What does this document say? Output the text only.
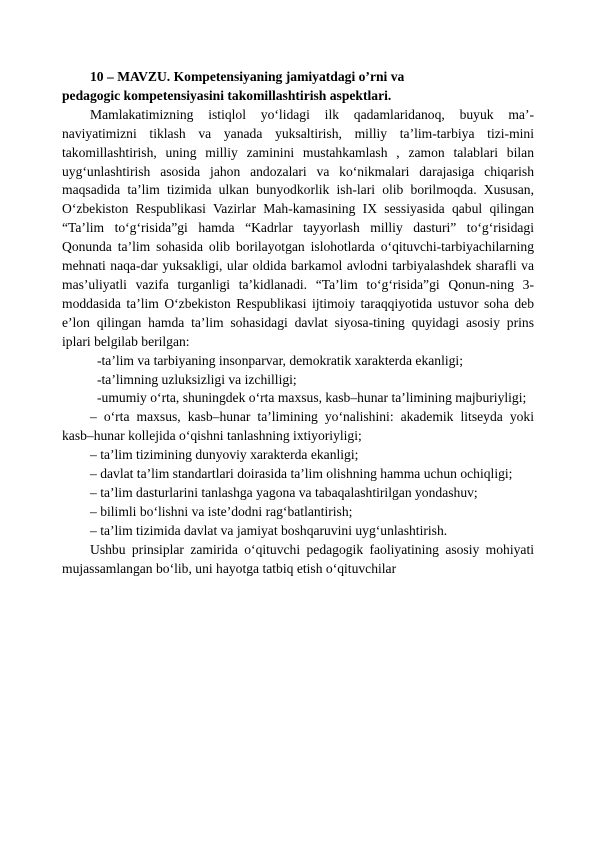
10 – MAVZU. Kompetensiyaning jamiyatdagi o’rni va
pedagogic kompetensiyasini takomillashtirish aspektlari.

Mamlakatimizning istiqlol yo‘lidagi ilk qadamlaridanoq, buyuk ma’-naviyatimizni tiklash va yanada yuksaltirish, milliy ta’lim-tarbiya tizi-mini takomillashtirish, uning milliy zaminini mustahkamlash , zamon talablari bilan uyg‘unlashtirish asosida jahon andozalari va ko‘nikmalari darajasiga chiqarish maqsadida ta’lim tizimida ulkan bunyodkorlik ish-lari olib borilmoqda. Xususan, O‘zbekiston Respublikasi Vazirlar Mah-kamasining IX sessiyasida qabul qilingan “Ta’lim to‘g‘risida”gi hamda “Kadrlar tayyorlash milliy dasturi” to‘g‘risidagi Qonunda ta’lim sohasida olib borilayotgan islohotlarda o‘qituvchi-tarbiyachilarning mehnati naqa-dar yuksakligi, ular oldida barkamol avlodni tarbiyalashdek sharafli va mas’uliyatli vazifa turganligi ta’kidlanadi. “Ta’lim to‘g‘risida”gi Qonun-ning 3-moddasida ta’lim O‘zbekiston Respublikasi ijtimoiy taraqqiyotida ustuvor soha deb e’lon qilingan hamda ta’lim sohasidagi davlat siyosa-tining quyidagi asosiy prins iplari belgilab berilgan:

-ta’lim va tarbiyaning insonparvar, demokratik xarakterda ekanligi;

-ta’limning uzluksizligi va izchilligi;

-umumiy o‘rta, shuningdek o‘rta maxsus, kasb–hunar ta’limining majburiyligi;

– o‘rta maxsus, kasb–hunar ta’limining yo‘nalishini: akademik litseyda yoki kasb–hunar kollejida o‘qishni tanlashning ixtiyoriyligi;

– ta’lim tizimining dunyoviy xarakterda ekanligi;

– davlat ta’lim standartlari doirasida ta’lim olishning hamma uchun ochiqligi;

– ta’lim dasturlarini tanlashga yagona va tabaqalashtirilgan yondashuv;

– bilimli bo‘lishni va iste’dodni rag‘batlantirish;

– ta’lim tizimida davlat va jamiyat boshqaruvini uyg‘unlashtirish.

Ushbu prinsiplar zamirida o‘qituvchi pedagogik faoliyatining asosiy mohiyati mujassamlangan bo‘lib, uni hayotga tatbiq etish o‘qituvchilar
